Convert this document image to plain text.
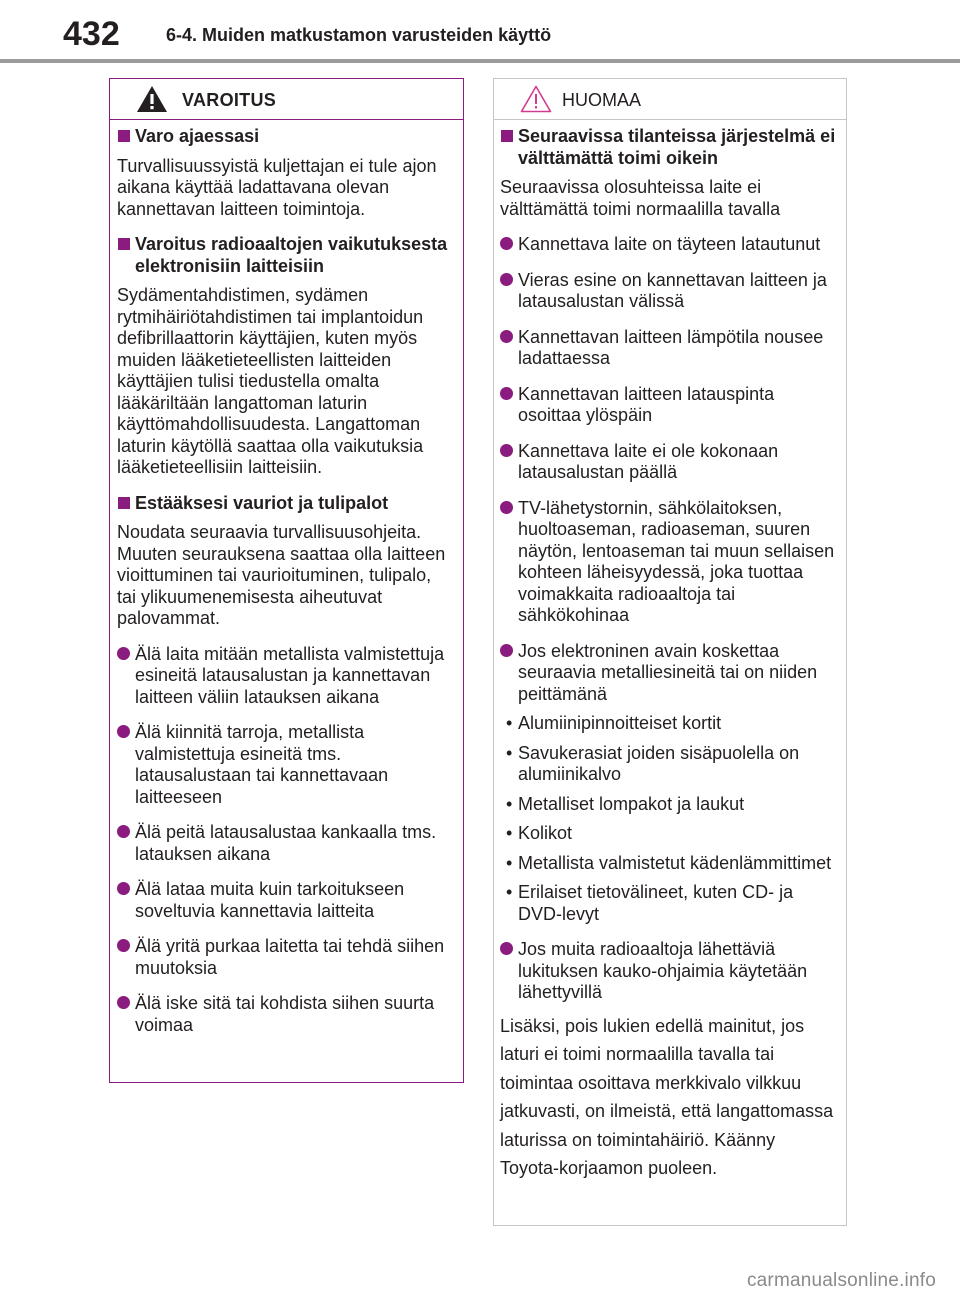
432	6-4. Muiden matkustamon varusteiden käyttö
VAROITUS
Varo ajaessasi
Turvallisuussyistä kuljettajan ei tule ajon aikana käyttää ladattavana olevan kannettavan laitteen toimintoja.
Varoitus radioaaltojen vaikutuksesta elektronisiin laitteisiin
Sydämentahdistimen, sydämen rytmihäiriötahdistimen tai implantoidun defibrillaattorin käyttäjien, kuten myös muiden lääketieteellisten laitteiden käyttäjien tulisi tiedustella omalta lääkäriltään langattoman laturin käyttömahdollisuudesta. Langattoman laturin käytöllä saattaa olla vaikutuksia lääketieteellisiin laitteisiin.
Estääksesi vauriot ja tulipalot
Noudata seuraavia turvallisuusohjeita.
Muuten seurauksena saattaa olla laitteen vioittuminen tai vaurioituminen, tulipalo, tai ylikuumenemisesta aiheutuvat palovammat.
Älä laita mitään metallista valmistettuja esineitä latausalustan ja kannettavan laitteen väliin latauksen aikana
Älä kiinnitä tarroja, metallista valmistettuja esineitä tms. latausalustaan tai kannettavaan laitteeseen
Älä peitä latausalustaa kankaalla tms. latauksen aikana
Älä lataa muita kuin tarkoitukseen soveltuvia kannettavia laitteita
Älä yritä purkaa laitetta tai tehdä siihen muutoksia
Älä iske sitä tai kohdista siihen suurta voimaa
HUOMAA
Seuraavissa tilanteissa järjestelmä ei välttämättä toimi oikein
Seuraavissa olosuhteissa laite ei välttämättä toimi normaalilla tavalla
Kannettava laite on täyteen latautunut
Vieras esine on kannettavan laitteen ja latausalustan välissä
Kannettavan laitteen lämpötila nousee ladattaessa
Kannettavan laitteen latauspinta osoittaa ylöspäin
Kannettava laite ei ole kokonaan latausalustan päällä
TV-lähetystornin, sähkölaitoksen, huoltoaseman, radioaseman, suuren näytön, lentoaseman tai muun sellaisen kohteen läheisyydessä, joka tuottaa voimakkaita radioaaltoja tai sähkökohinaa
Jos elektroninen avain koskettaa seuraavia metalliesineitä tai on niiden peittämänä
• Alumiinipinnoitteiset kortit
• Savukerasiat joiden sisäpuolella on alumiinikalvo
• Metalliset lompakot ja laukut
• Kolikot
• Metallista valmistetut kädenlämmittimet
• Erilaiset tietovälineet, kuten CD- ja DVD-levyt
Jos muita radioaaltoja lähettäviä lukituksen kauko-ohjaimia käytetään lähettyvillä
Lisäksi, pois lukien edellä mainitut, jos laturi ei toimi normaalilla tavalla tai toimintaa osoittava merkkivalo vilkkuu jatkuvasti, on ilmeistä, että langattomassa laturissa on toimintahäiriö. Käänny Toyota-korjaamon puoleen.
carmanualsonline.info
